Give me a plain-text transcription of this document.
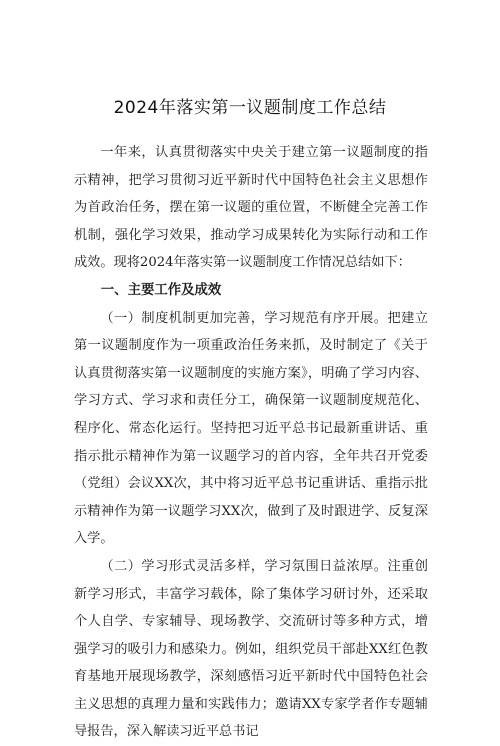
2024年落实第一议题制度工作总结

一年来，认真贯彻落实中央关于建立第一议题制度的指示精神，把学习贯彻习近平新时代中国特色社会主义思想作为首政治任务，摆在第一议题的重位置，不断健全完善工作机制，强化学习效果，推动学习成果转化为实际行动和工作成效。现将2024年落实第一议题制度工作情况总结如下：

一、主要工作及成效

（一）制度机制更加完善，学习规范有序开展。把建立第一议题制度作为一项重政治任务来抓，及时制定了《关于认真贯彻落实第一议题制度的实施方案》，明确了学习内容、学习方式、学习求和责任分工，确保第一议题制度规范化、程序化、常态化运行。坚持把习近平总书记最新重讲话、重指示批示精神作为第一议题学习的首内容，全年共召开党委（党组）会议XX次，其中将习近平总书记重讲话、重指示批示精神作为第一议题学习XX次，做到了及时跟进学、反复深入学。

（二）学习形式灵活多样，学习氛围日益浓厚。注重创新学习形式，丰富学习载体，除了集体学习研讨外，还采取个人自学、专家辅导、现场教学、交流研讨等多种方式，增强学习的吸引力和感染力。例如，组织党员干部赴XX红色教育基地开展现场教学，深刻感悟习近平新时代中国特色社会主义思想的真理力量和实践伟力；邀请XX专家学者作专题辅导报告，深入解读习近平总书记
